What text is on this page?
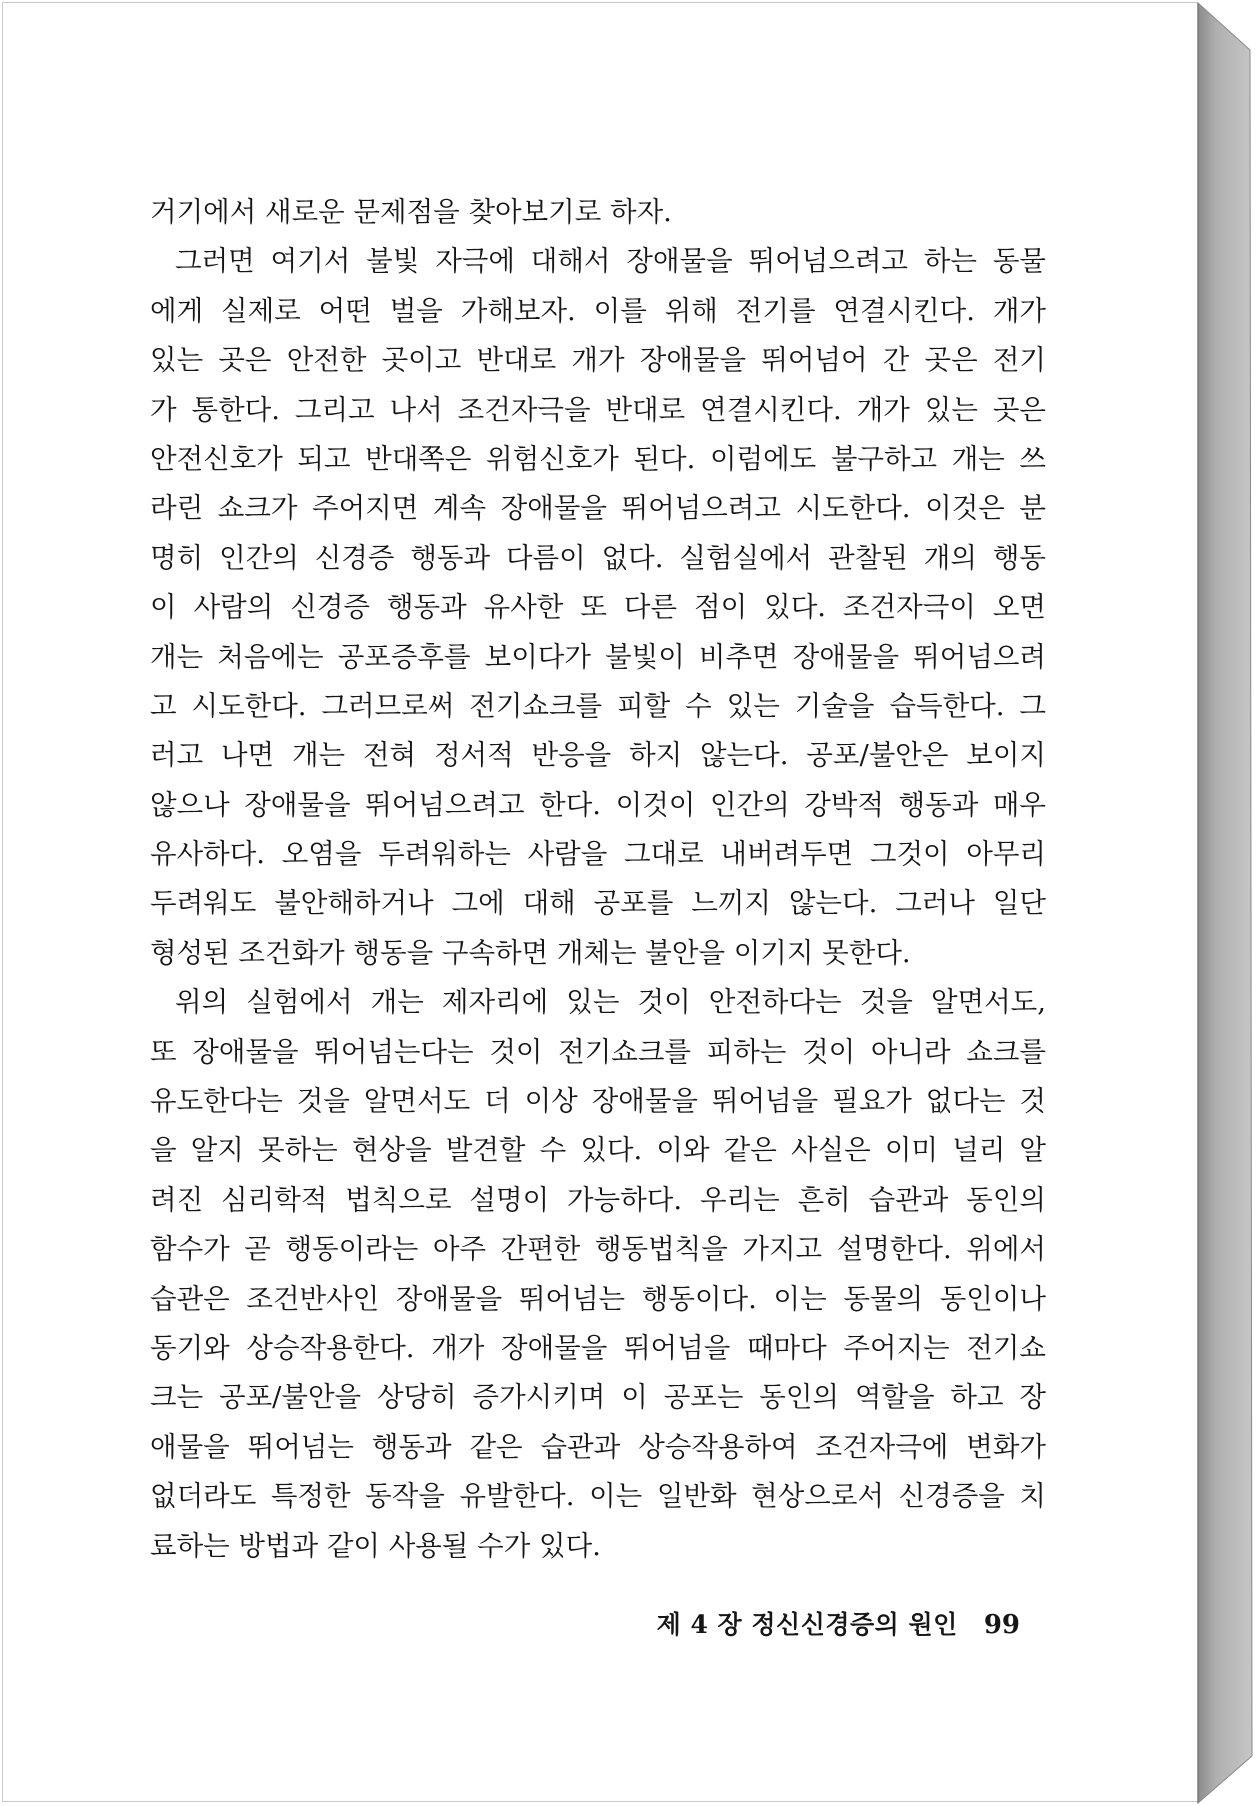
거기에서 새로운 문제점을 찾아보기로 하자.
그러면 여기서 불빛 자극에 대해서 장애물을 뛰어넘으려고 하는 동물
에게 실제로 어떤 벌을 가해보자. 이를 위해 전기를 연결시킨다. 개가
있는 곳은 안전한 곳이고 반대로 개가 장애물을 뛰어넘어 간 곳은 전기
가 통한다. 그리고 나서 조건자극을 반대로 연결시킨다. 개가 있는 곳은
안전신호가 되고 반대쪽은 위험신호가 된다. 이럼에도 불구하고 개는 쓰
라린 쇼크가 주어지면 계속 장애물을 뛰어넘으려고 시도한다. 이것은 분
명히 인간의 신경증 행동과 다름이 없다. 실험실에서 관찰된 개의 행동
이 사람의 신경증 행동과 유사한 또 다른 점이 있다. 조건자극이 오면
개는 처음에는 공포증후를 보이다가 불빛이 비추면 장애물을 뛰어넘으려
고 시도한다. 그러므로써 전기쇼크를 피할 수 있는 기술을 습득한다. 그
러고 나면 개는 전혀 정서적 반응을 하지 않는다. 공포/불안은 보이지
않으나 장애물을 뛰어넘으려고 한다. 이것이 인간의 강박적 행동과 매우
유사하다. 오염을 두려워하는 사람을 그대로 내버려두면 그것이 아무리
두려워도 불안해하거나 그에 대해 공포를 느끼지 않는다. 그러나 일단
형성된 조건화가 행동을 구속하면 개체는 불안을 이기지 못한다.
위의 실험에서 개는 제자리에 있는 것이 안전하다는 것을 알면서도,
또 장애물을 뛰어넘는다는 것이 전기쇼크를 피하는 것이 아니라 쇼크를
유도한다는 것을 알면서도 더 이상 장애물을 뛰어넘을 필요가 없다는 것
을 알지 못하는 현상을 발견할 수 있다. 이와 같은 사실은 이미 널리 알
려진 심리학적 법칙으로 설명이 가능하다. 우리는 흔히 습관과 동인의
함수가 곧 행동이라는 아주 간편한 행동법칙을 가지고 설명한다. 위에서
습관은 조건반사인 장애물을 뛰어넘는 행동이다. 이는 동물의 동인이나
동기와 상승작용한다. 개가 장애물을 뛰어넘을 때마다 주어지는 전기쇼
크는 공포/불안을 상당히 증가시키며 이 공포는 동인의 역할을 하고 장
애물을 뛰어넘는 행동과 같은 습관과 상승작용하여 조건자극에 변화가
없더라도 특정한 동작을 유발한다. 이는 일반화 현상으로서 신경증을 치
료하는 방법과 같이 사용될 수가 있다.
제 4 장 정신신경증의 원인 99
